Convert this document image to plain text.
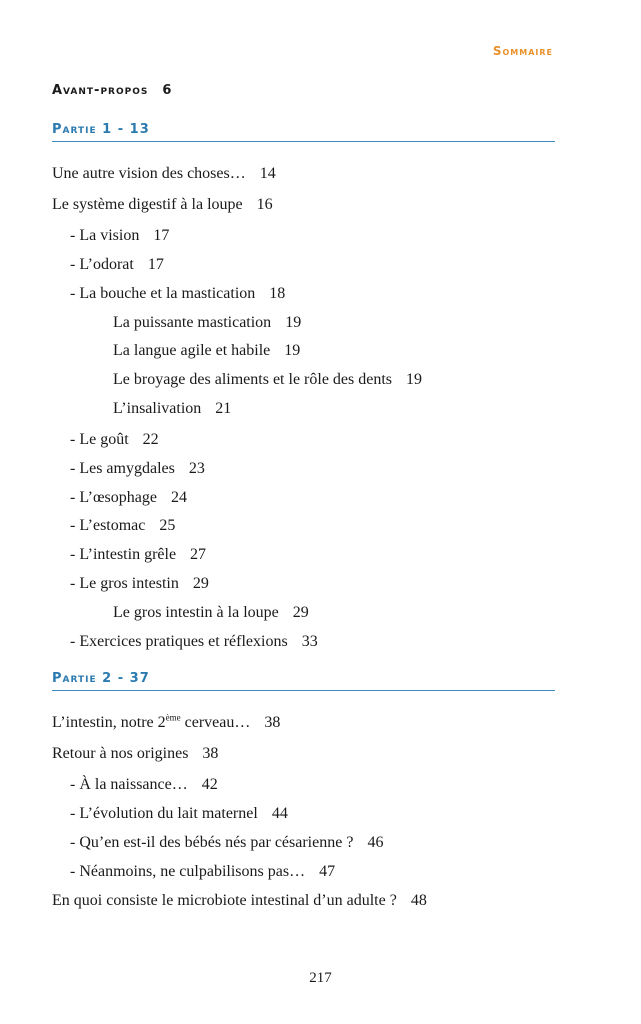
Sommaire
Avant-propos 6
Partie 1 - 13
Une autre vision des choses… 14
Le système digestif à la loupe 16
- La vision 17
- L’odorat 17
- La bouche et la mastication 18
La puissante mastication 19
La langue agile et habile 19
Le broyage des aliments et le rôle des dents 19
L’insalivation 21
- Le goût 22
- Les amygdales 23
- L’œsophage 24
- L’estomac 25
- L’intestin grêle 27
- Le gros intestin 29
Le gros intestin à la loupe 29
- Exercices pratiques et réflexions 33
Partie 2 - 37
L’intestin, notre 2ème cerveau… 38
Retour à nos origines 38
- À la naissance… 42
- L’évolution du lait maternel 44
- Qu’en est-il des bébés nés par césarienne ? 46
- Néanmoins, ne culpabilisons pas… 47
En quoi consiste le microbiote intestinal d’un adulte ? 48
217
